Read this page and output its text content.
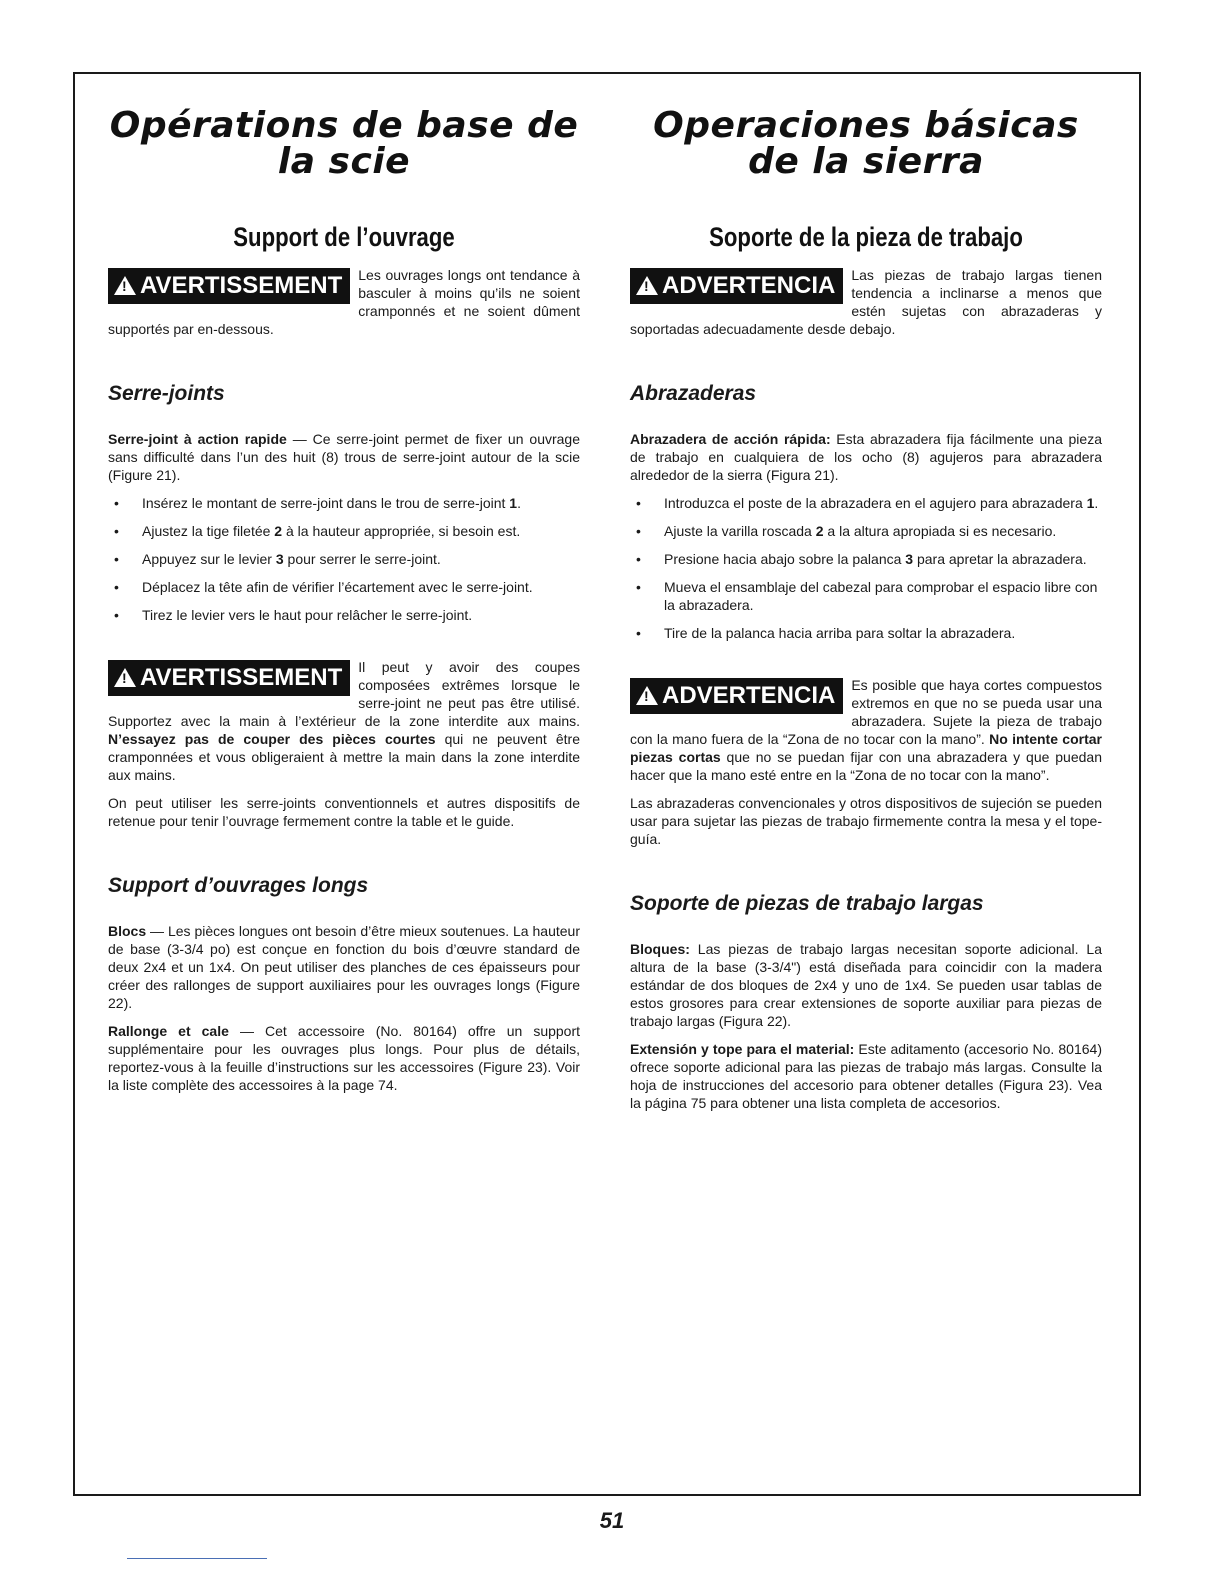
Opérations de base de
la scie
Support de l’ouvrage

!AVERTISSEMENT	Les ouvrages longs ont tendance à basculer à moins qu’ils ne soient cramponnés et ne soient dûment supportés par en-dessous.

Serre-joints

Serre-joint à action rapide — Ce serre-joint permet de fixer un ouvrage sans difficulté dans l’un des huit (8) trous de serre-joint autour de la scie (Figure 21).

• Insérez le montant de serre-joint dans le trou de serre-joint 1.
• Ajustez la tige filetée 2 à la hauteur appropriée, si besoin est.
• Appuyez sur le levier 3 pour serrer le serre-joint.
• Déplacez la tête afin de vérifier l’écartement avec le serre-joint.
• Tirez le levier vers le haut pour relâcher le serre-joint.

!AVERTISSEMENT	Il peut y avoir des coupes composées extrêmes lorsque le serre-joint ne peut pas être utilisé. Supportez avec la main à l’extérieur de la zone interdite aux mains. N’essayez pas de couper des pièces courtes qui ne peuvent être cramponnées et vous obligeraient à mettre la main dans la zone interdite aux mains.

On peut utiliser les serre-joints conventionnels et autres dispositifs de retenue pour tenir l’ouvrage fermement contre la table et le guide.

Support d’ouvrages longs

Blocs — Les pièces longues ont besoin d’être mieux soutenues. La hauteur de base (3-3/4 po) est conçue en fonction du bois d’œuvre standard de deux 2x4 et un 1x4. On peut utiliser des planches de ces épaisseurs pour créer des rallonges de support auxiliaires pour les ouvrages longs (Figure 22).

Rallonge et cale — Cet accessoire (No. 80164) offre un support supplémentaire pour les ouvrages plus longs. Pour plus de détails, reportez-vous à la feuille d’instructions sur les accessoires (Figure 23). Voir la liste complète des accessoires à la page 74.

Operaciones básicas
de la sierra
Soporte de la pieza de trabajo

!ADVERTENCIA	Las piezas de trabajo largas tienen tendencia a inclinarse a menos que estén sujetas con abrazaderas y soportadas adecuadamente desde debajo.

Abrazaderas

Abrazadera de acción rápida: Esta abrazadera fija fácilmente una pieza de trabajo en cualquiera de los ocho (8) agujeros para abrazadera alrededor de la sierra (Figura 21).

• Introduzca el poste de la abrazadera en el agujero para abrazadera 1.
• Ajuste la varilla roscada 2 a la altura apropiada si es necesario.
• Presione hacia abajo sobre la palanca 3 para apretar la abrazadera.
• Mueva el ensamblaje del cabezal para comprobar el espacio libre con la abrazadera.
• Tire de la palanca hacia arriba para soltar la abrazadera.

!ADVERTENCIA	Es posible que haya cortes compuestos extremos en que no se pueda usar una abrazadera. Sujete la pieza de trabajo con la mano fuera de la “Zona de no tocar con la mano”. No intente cortar piezas cortas que no se puedan fijar con una abrazadera y que puedan hacer que la mano esté entre en la “Zona de no tocar con la mano”.

Las abrazaderas convencionales y otros dispositivos de sujeción se pueden usar para sujetar las piezas de trabajo firmemente contra la mesa y el tope-guía.

Soporte de piezas de trabajo largas

Bloques: Las piezas de trabajo largas necesitan soporte adicional. La altura de la base (3-3/4") está diseñada para coincidir con la madera estándar de dos bloques de 2x4 y uno de 1x4. Se pueden usar tablas de estos grosores para crear extensiones de soporte auxiliar para piezas de trabajo largas (Figura 22).

Extensión y tope para el material: Este aditamento (accesorio No. 80164) ofrece soporte adicional para las piezas de trabajo más largas. Consulte la hoja de instrucciones del accesorio para obtener detalles (Figura 23). Vea la página 75 para obtener una lista completa de accesorios.

51
